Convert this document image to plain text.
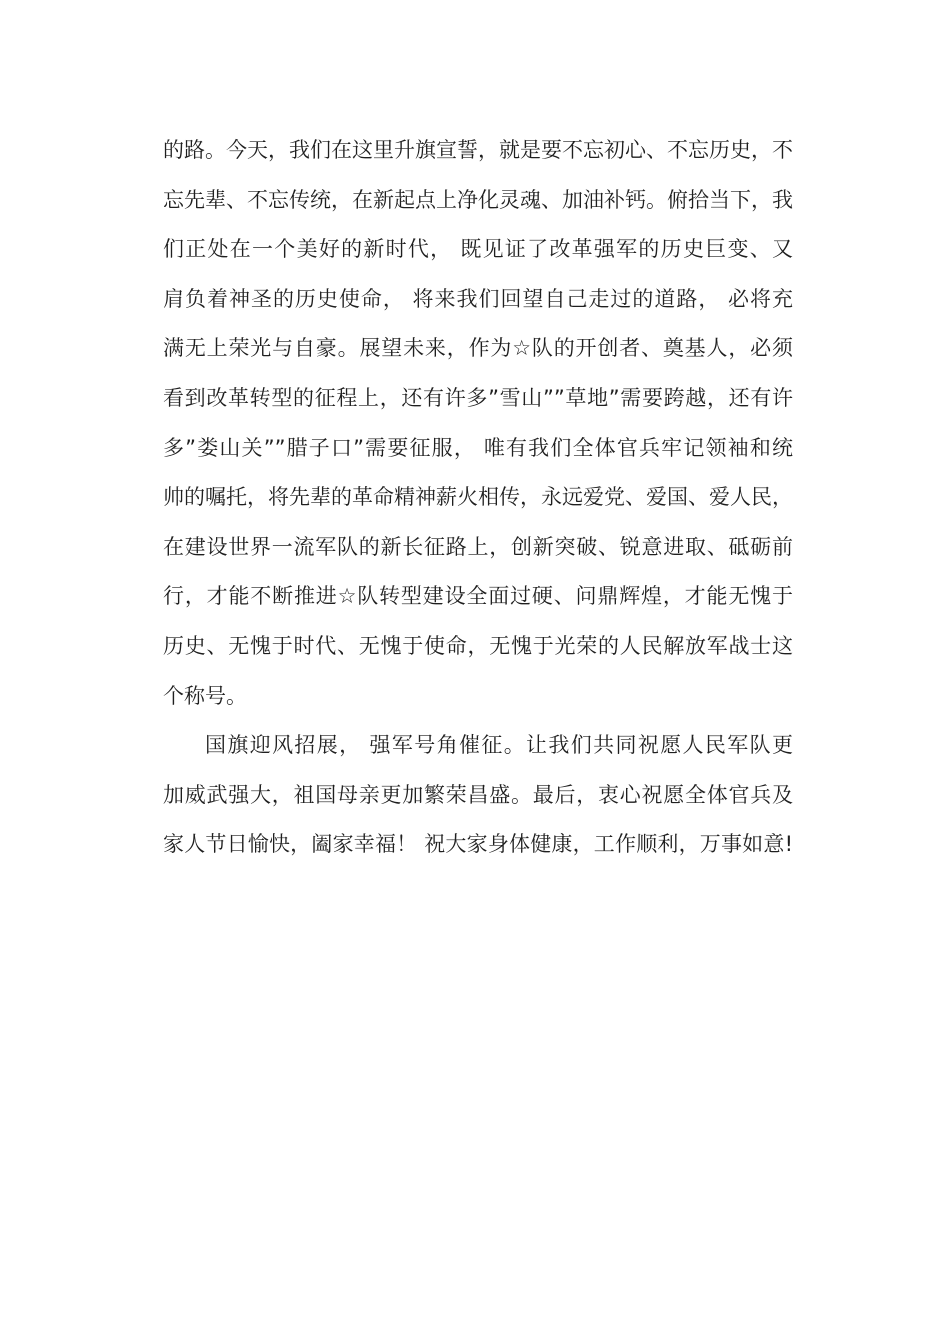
的路。今天，我们在这里升旗宣誓，就是要不忘初心、不忘历史，不
忘先辈、不忘传统，在新起点上净化灵魂、加油补钙。俯拾当下，我
们正处在一个美好的新时代， 既见证了改革强军的历史巨变、又
肩负着神圣的历史使命， 将来我们回望自己走过的道路， 必将充
满无上荣光与自豪。展望未来，作为☆队的开创者、奠基人，必须
看到改革转型的征程上，还有许多”雪山””草地”需要跨越，还有许
多”娄山关””腊子口”需要征服， 唯有我们全体官兵牢记领袖和统
帅的嘱托，将先辈的革命精神薪火相传，永远爱党、爱国、爱人民，
在建设世界一流军队的新长征路上，创新突破、锐意进取、砥砺前
行，才能不断推进☆队转型建设全面过硬、问鼎辉煌，才能无愧于
历史、无愧于时代、无愧于使命，无愧于光荣的人民解放军战士这
个称号。
国旗迎风招展， 强军号角催征。让我们共同祝愿人民军队更
加威武强大，祖国母亲更加繁荣昌盛。最后，衷心祝愿全体官兵及
家人节日愉快，阖家幸福！ 祝大家身体健康，工作顺利，万事如意!
